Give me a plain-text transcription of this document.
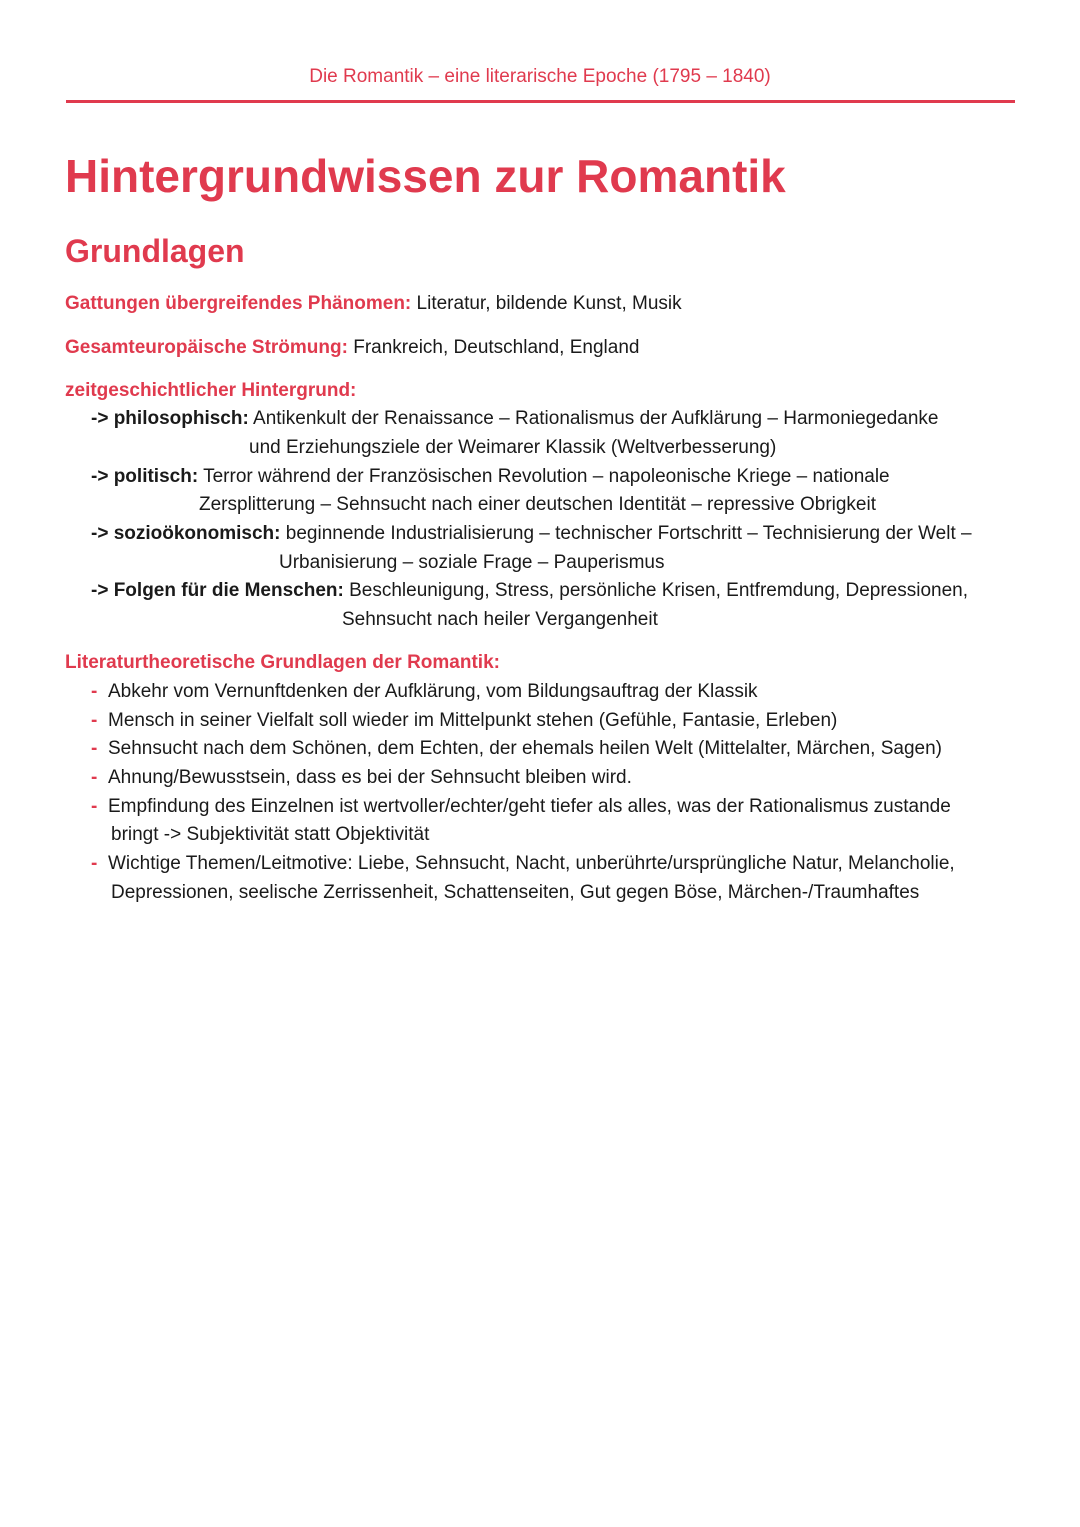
Die Romantik – eine literarische Epoche (1795 – 1840)
Hintergrundwissen zur Romantik
Grundlagen
Gattungen übergreifendes Phänomen: Literatur, bildende Kunst, Musik
Gesamteuropäische Strömung: Frankreich, Deutschland, England
zeitgeschichtlicher Hintergrund:
-> philosophisch: Antikenkult der Renaissance – Rationalismus der Aufklärung – Harmoniegedanke
und Erziehungsziele der Weimarer Klassik (Weltverbesserung)
-> politisch: Terror während der Französischen Revolution – napoleonische Kriege – nationale
Zersplitterung – Sehnsucht nach einer deutschen Identität – repressive Obrigkeit
-> sozioökonomisch: beginnende Industrialisierung – technischer Fortschritt – Technisierung der Welt –
Urbanisierung – soziale Frage – Pauperismus
-> Folgen für die Menschen: Beschleunigung, Stress, persönliche Krisen, Entfremdung, Depressionen,
Sehnsucht nach heiler Vergangenheit
Literaturtheoretische Grundlagen der Romantik:
- Abkehr vom Vernunftdenken der Aufklärung, vom Bildungsauftrag der Klassik
- Mensch in seiner Vielfalt soll wieder im Mittelpunkt stehen (Gefühle, Fantasie, Erleben)
- Sehnsucht nach dem Schönen, dem Echten, der ehemals heilen Welt (Mittelalter, Märchen, Sagen)
- Ahnung/Bewusstsein, dass es bei der Sehnsucht bleiben wird.
- Empfindung des Einzelnen ist wertvoller/echter/geht tiefer als alles, was der Rationalismus zustande
bringt -> Subjektivität statt Objektivität
- Wichtige Themen/Leitmotive: Liebe, Sehnsucht, Nacht, unberührte/ursprüngliche Natur, Melancholie,
Depressionen, seelische Zerrissenheit, Schattenseiten, Gut gegen Böse, Märchen-/Traumhaftes
